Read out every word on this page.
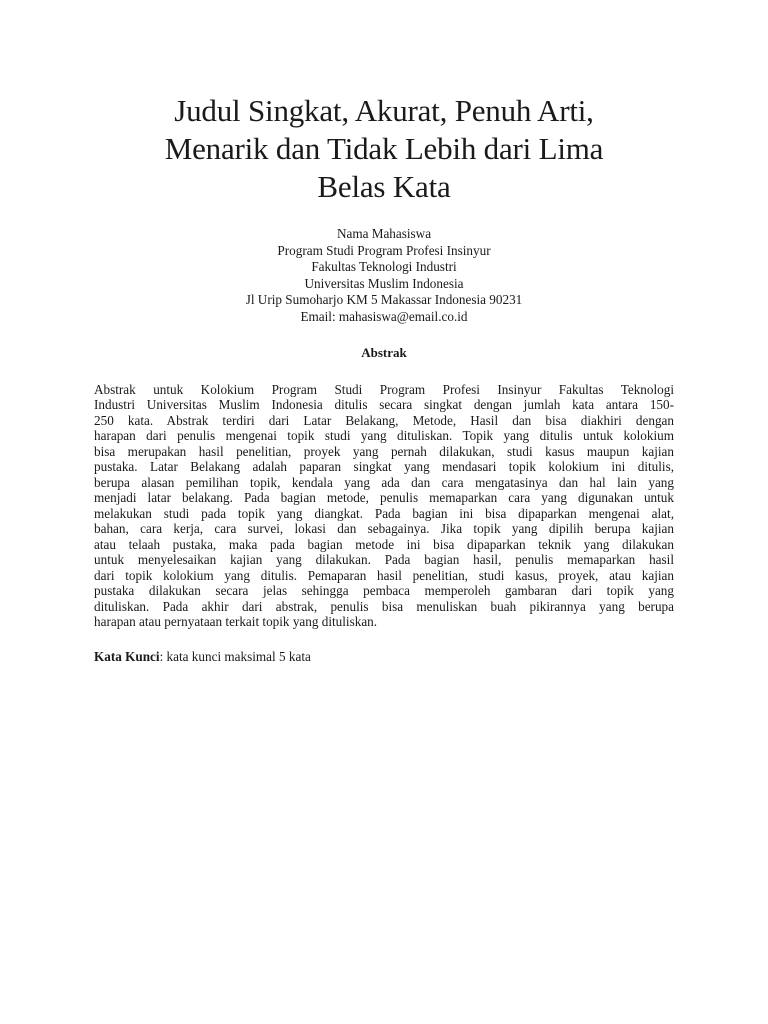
Judul Singkat, Akurat, Penuh Arti,
Menarik dan Tidak Lebih dari Lima
Belas Kata
Nama Mahasiswa
Program Studi Program Profesi Insinyur
Fakultas Teknologi Industri
Universitas Muslim Indonesia
Jl Urip Sumoharjo KM 5 Makassar Indonesia 90231
Email: mahasiswa@email.co.id
Abstrak
Abstrak untuk Kolokium Program Studi Program Profesi Insinyur Fakultas Teknologi
Industri Universitas Muslim Indonesia ditulis secara singkat dengan jumlah kata antara 150-
250 kata. Abstrak terdiri dari Latar Belakang, Metode, Hasil dan bisa diakhiri dengan
harapan dari penulis mengenai topik studi yang dituliskan. Topik yang ditulis untuk kolokium
bisa merupakan hasil penelitian, proyek yang pernah dilakukan, studi kasus maupun kajian
pustaka. Latar Belakang adalah paparan singkat yang mendasari topik kolokium ini ditulis,
berupa alasan pemilihan topik, kendala yang ada dan cara mengatasinya dan hal lain yang
menjadi latar belakang. Pada bagian metode, penulis memaparkan cara yang digunakan untuk
melakukan studi pada topik yang diangkat. Pada bagian ini bisa dipaparkan mengenai alat,
bahan, cara kerja, cara survei, lokasi dan sebagainya. Jika topik yang dipilih berupa kajian
atau telaah pustaka, maka pada bagian metode ini bisa dipaparkan teknik yang dilakukan
untuk menyelesaikan kajian yang dilakukan. Pada bagian hasil, penulis memaparkan hasil
dari topik kolokium yang ditulis. Pemaparan hasil penelitian, studi kasus, proyek, atau kajian
pustaka dilakukan secara jelas sehingga pembaca memperoleh gambaran dari topik yang
dituliskan. Pada akhir dari abstrak, penulis bisa menuliskan buah pikirannya yang berupa
harapan atau pernyataan terkait topik yang dituliskan.
Kata Kunci: kata kunci maksimal 5 kata
